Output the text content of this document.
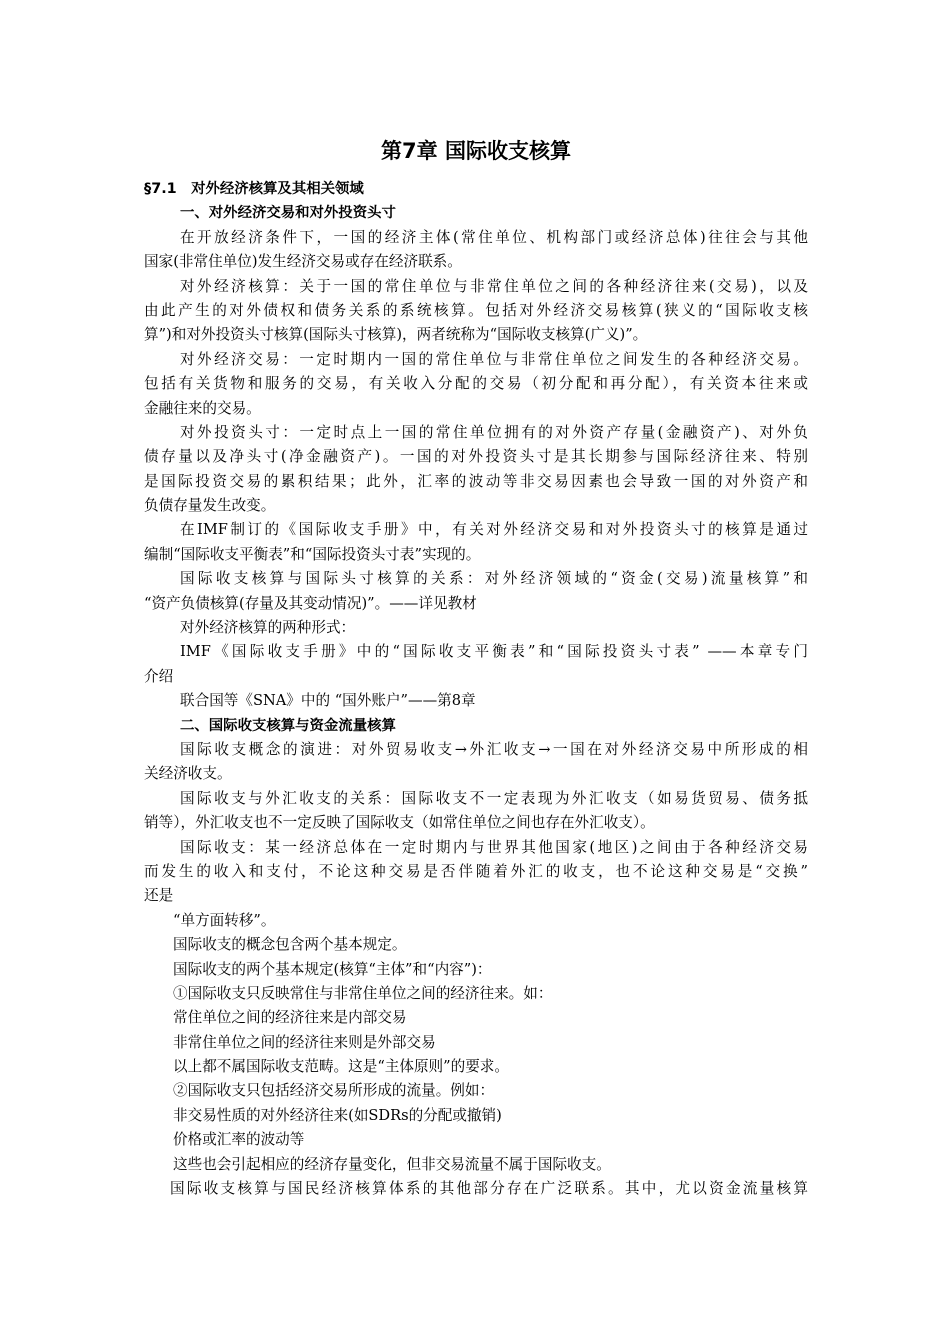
第7章 国际收支核算
§7.1　对外经济核算及其相关领域
一、对外经济交易和对外投资头寸
在开放经济条件下，一国的经济主体(常住单位、机构部门或经济总体)往往会与其他
国家(非常住单位)发生经济交易或存在经济联系。
对外经济核算：关于一国的常住单位与非常住单位之间的各种经济往来(交易)，以及
由此产生的对外债权和债务关系的系统核算。包括对外经济交易核算(狭义的“国际收支核
算”)和对外投资头寸核算(国际头寸核算)，两者统称为“国际收支核算(广义)”。
对外经济交易：一定时期内一国的常住单位与非常住单位之间发生的各种经济交易。
包括有关货物和服务的交易，有关收入分配的交易（初分配和再分配），有关资本往来或
金融往来的交易。
对外投资头寸：一定时点上一国的常住单位拥有的对外资产存量(金融资产)、对外负
债存量以及净头寸(净金融资产)。一国的对外投资头寸是其长期参与国际经济往来、特别
是国际投资交易的累积结果；此外，汇率的波动等非交易因素也会导致一国的对外资产和
负债存量发生改变。
在IMF制订的《国际收支手册》中，有关对外经济交易和对外投资头寸的核算是通过
编制“国际收支平衡表”和“国际投资头寸表”实现的。
国际收支核算与国际头寸核算的关系：对外经济领域的“资金(交易)流量核算”和
“资产负债核算(存量及其变动情况)”。——详见教材
对外经济核算的两种形式：
IMF《国际收支手册》中的“国际收支平衡表”和“国际投资头寸表” ——本章专门
介绍
联合国等《SNA》中的 “国外账户”——第8章
二、国际收支核算与资金流量核算
国际收支概念的演进：对外贸易收支→外汇收支→一国在对外经济交易中所形成的相
关经济收支。
国际收支与外汇收支的关系：国际收支不一定表现为外汇收支（如易货贸易、债务抵
销等），外汇收支也不一定反映了国际收支（如常住单位之间也存在外汇收支）。
国际收支：某一经济总体在一定时期内与世界其他国家(地区)之间由于各种经济交易
而发生的收入和支付，不论这种交易是否伴随着外汇的收支，也不论这种交易是“交换”
还是
“单方面转移”。
国际收支的概念包含两个基本规定。
国际收支的两个基本规定(核算“主体”和“内容”)：
①国际收支只反映常住与非常住单位之间的经济往来。如：
常住单位之间的经济往来是内部交易
非常住单位之间的经济往来则是外部交易
以上都不属国际收支范畴。这是“主体原则”的要求。
②国际收支只包括经济交易所形成的流量。例如：
非交易性质的对外经济往来(如SDRs的分配或撤销)
价格或汇率的波动等
这些也会引起相应的经济存量变化，但非交易流量不属于国际收支。
国际收支核算与国民经济核算体系的其他部分存在广泛联系。其中，尤以资金流量核算
